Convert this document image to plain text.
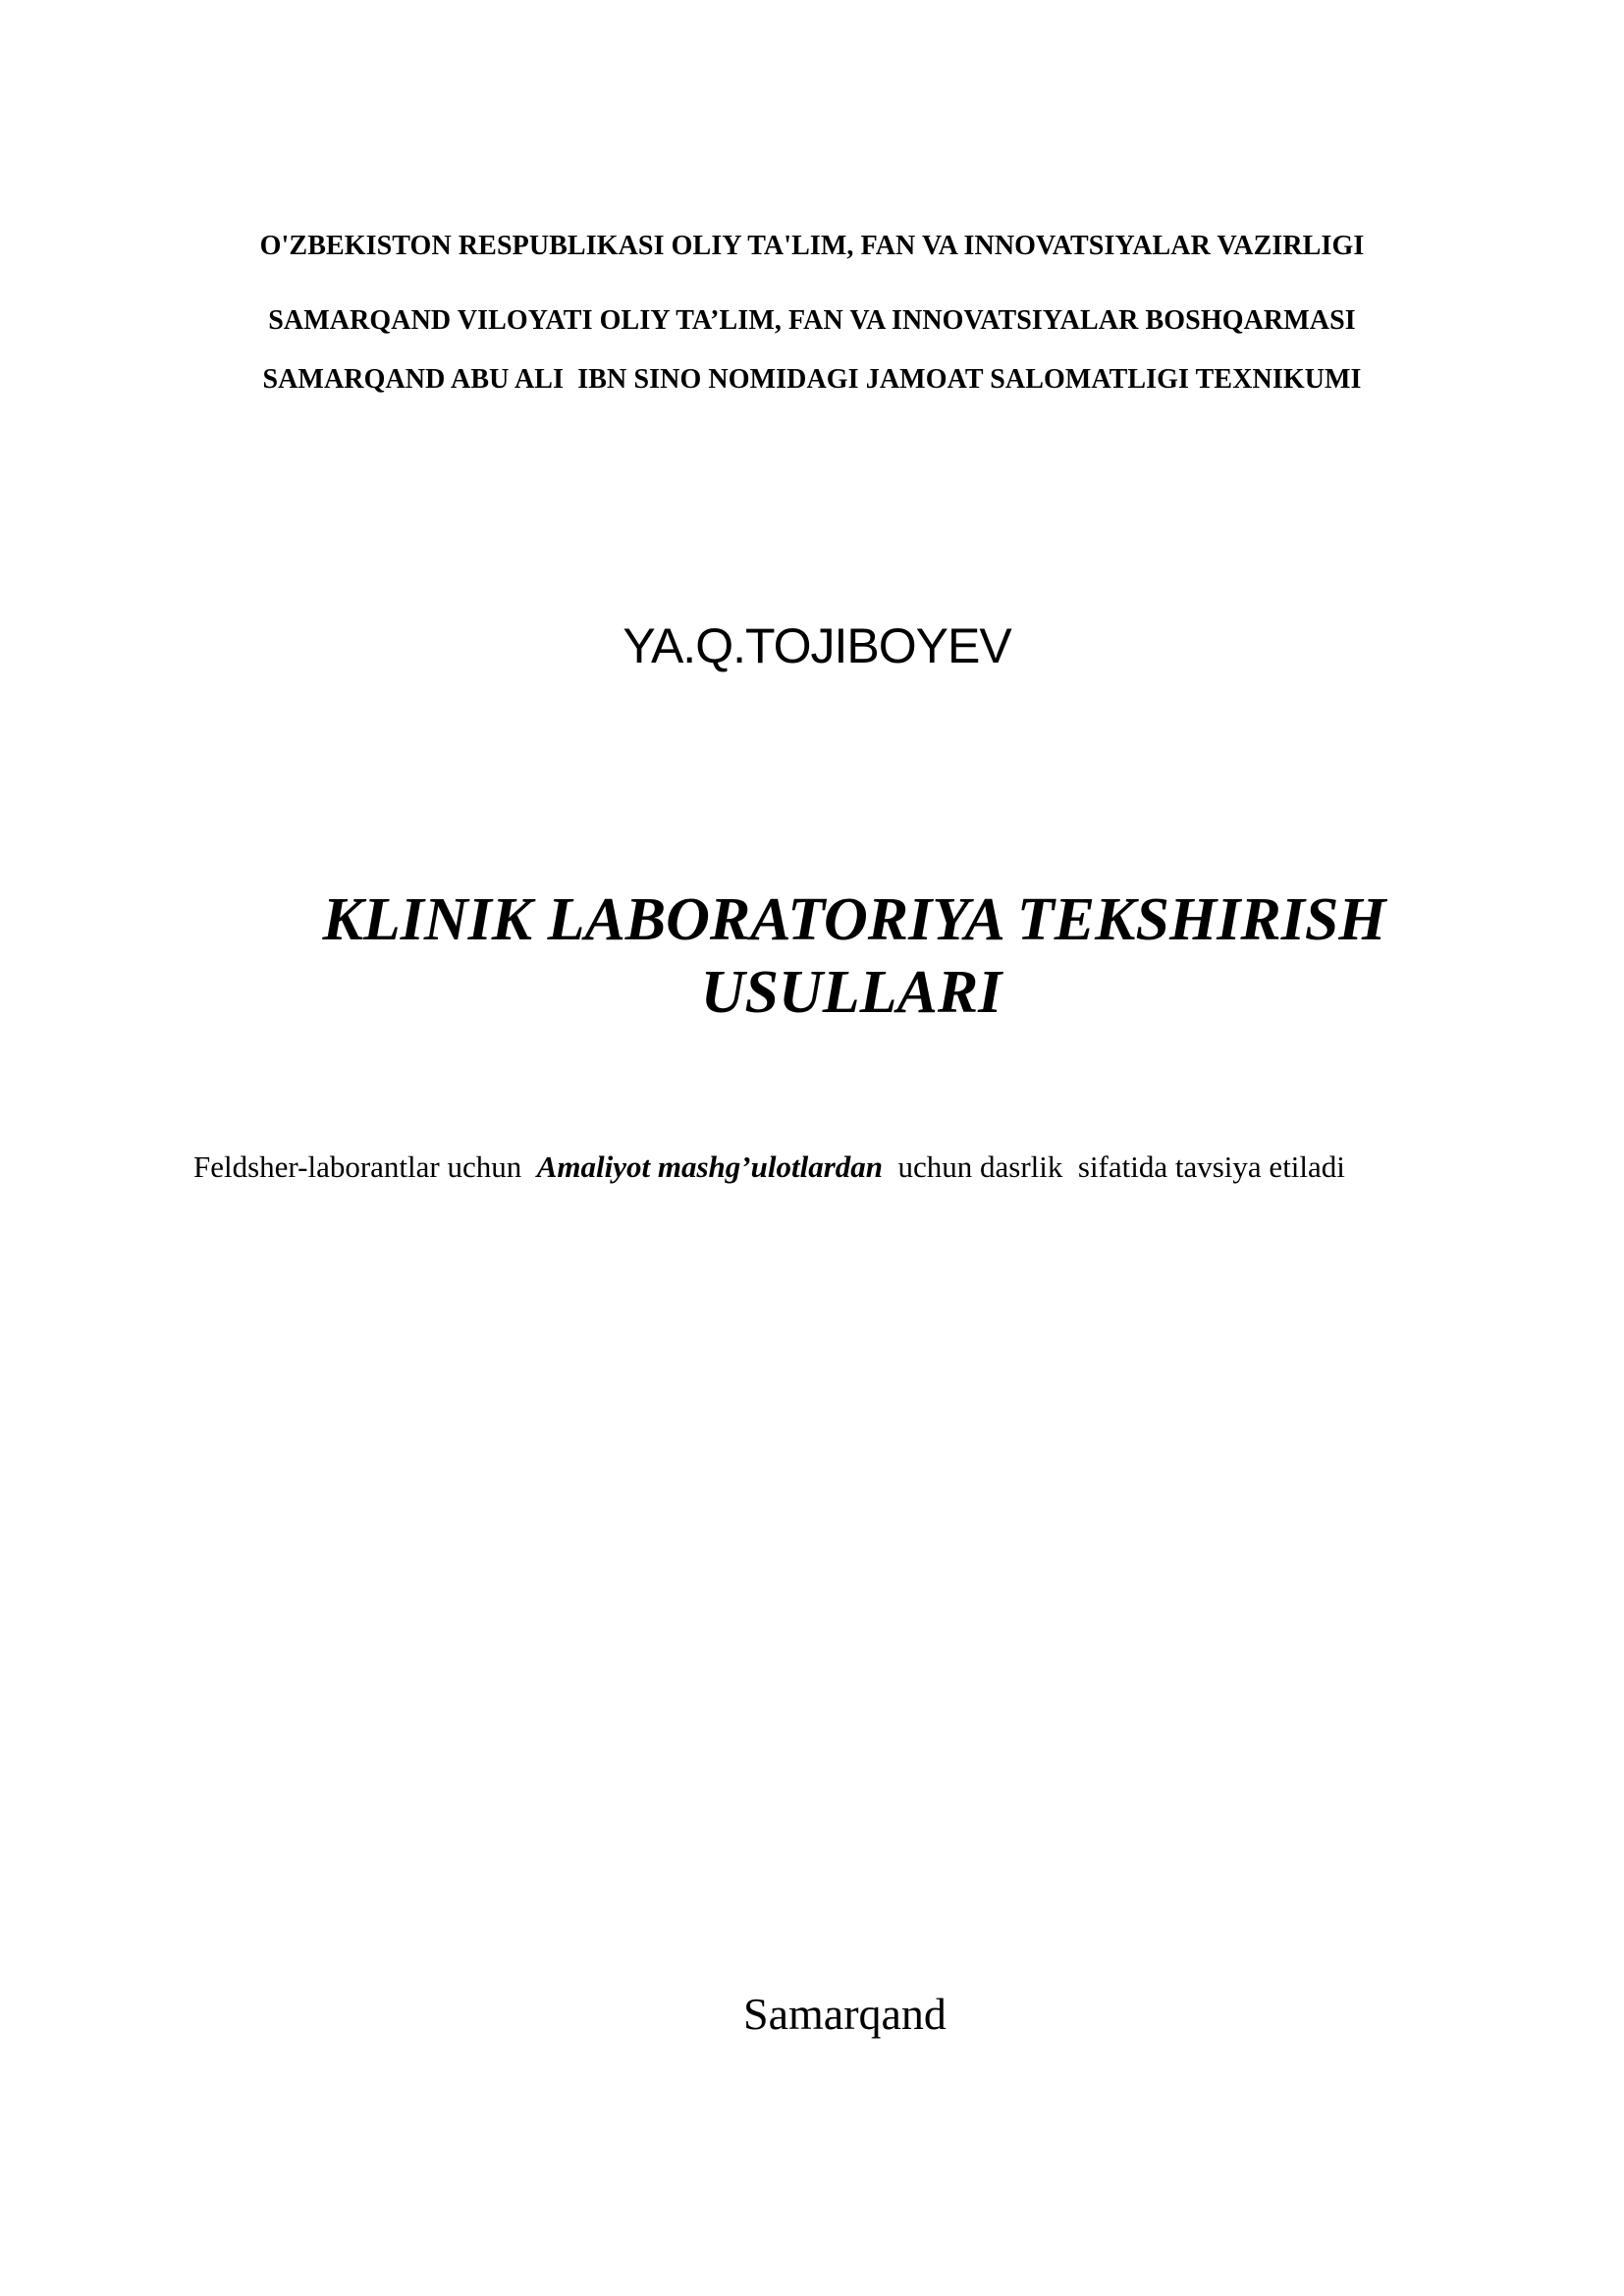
O'ZBEKISTON RESPUBLIKASI OLIY TA'LIM, FAN VA INNOVATSIYALAR VAZIRLIGI
SAMARQAND VILOYATI OLIY TA’LIM, FAN VA INNOVATSIYALAR BOSHQARMASI
SAMARQAND ABU ALI  IBN SINO NOMIDAGI JAMOAT SALOMATLIGI TEXNIKUMI
YA.Q.TOJIBOYEV
KLINIK LABORATORIYA TEKSHIRISH
USULLARI
Feldsher-laborantlar uchun  Amaliyot mashg’ulotlardan  uchun dasrlik  sifatida tavsiya etiladi
Samarqand
